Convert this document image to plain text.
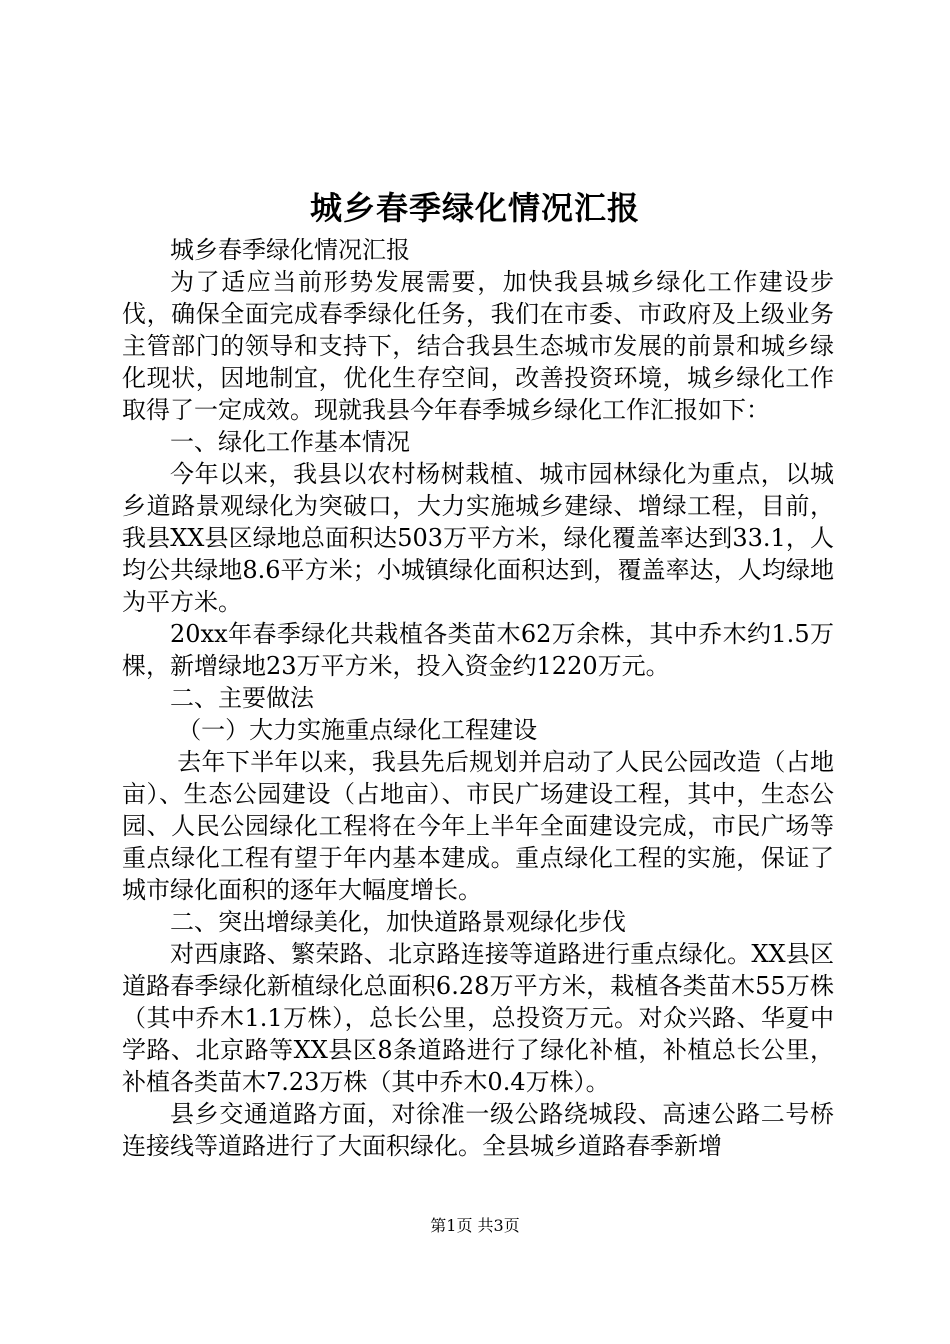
城乡春季绿化情况汇报

城乡春季绿化情况汇报

为了适应当前形势发展需要，加快我县城乡绿化工作建设步伐，确保全面完成春季绿化任务，我们在市委、市政府及上级业务主管部门的领导和支持下，结合我县生态城市发展的前景和城乡绿化现状，因地制宜，优化生存空间，改善投资环境，城乡绿化工作取得了一定成效。现就我县今年春季城乡绿化工作汇报如下：

一、绿化工作基本情况

今年以来，我县以农村杨树栽植、城市园林绿化为重点，以城乡道路景观绿化为突破口，大力实施城乡建绿、增绿工程，目前，我县XX县区绿地总面积达503万平方米，绿化覆盖率达到33.1，人均公共绿地8.6平方米；小城镇绿化面积达到，覆盖率达，人均绿地为平方米。

20xx年春季绿化共栽植各类苗木62万余株，其中乔木约1.5万棵，新增绿地23万平方米，投入资金约1220万元。

二、主要做法

（一）大力实施重点绿化工程建设

去年下半年以来，我县先后规划并启动了人民公园改造（占地亩）、生态公园建设（占地亩）、市民广场建设工程，其中，生态公园、人民公园绿化工程将在今年上半年全面建设完成，市民广场等重点绿化工程有望于年内基本建成。重点绿化工程的实施，保证了城市绿化面积的逐年大幅度增长。

二、突出增绿美化，加快道路景观绿化步伐

对西康路、繁荣路、北京路连接等道路进行重点绿化。XX县区道路春季绿化新植绿化总面积6.28万平方米，栽植各类苗木55万株（其中乔木1.1万株），总长公里，总投资万元。对众兴路、华夏中学路、北京路等XX县区8条道路进行了绿化补植，补植总长公里，补植各类苗木7.23万株（其中乔木0.4万株）。

县乡交通道路方面，对徐准一级公路绕城段、高速公路二号桥连接线等道路进行了大面积绿化。全县城乡道路春季新增

第1页 共3页
